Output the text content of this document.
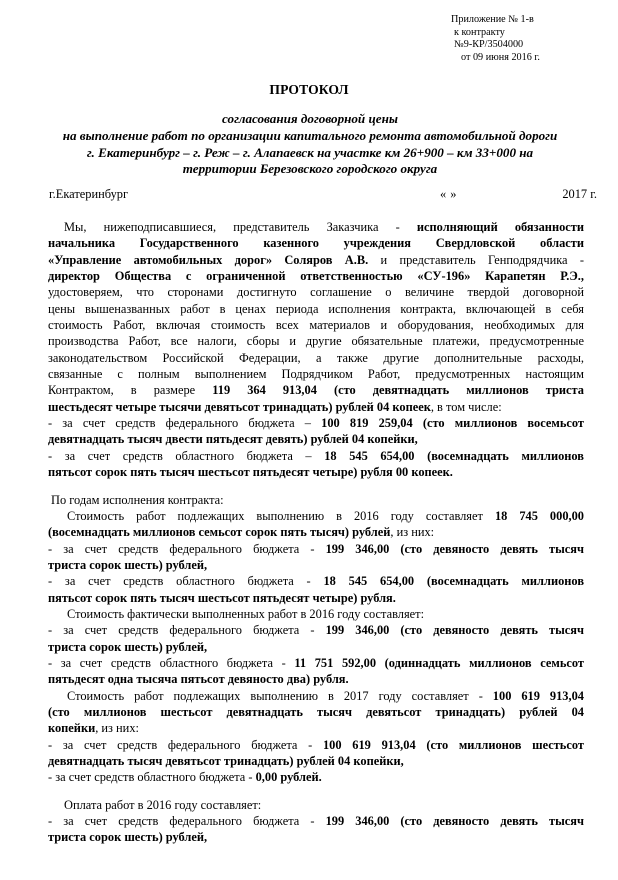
Приложение № 1-в
к контракту
№9-КР/3504000
от 09 июня 2016 г.
ПРОТОКОЛ
согласования договорной цены
на выполнение работ по организации капитального ремонта автомобильной дороги
г. Екатеринбург – г. Реж – г. Алапаевск на участке км 26+900 – км 33+000 на
территории Березовского городского округа
г.Екатеринбург	« »	2017 г.
Мы, нижеподписавшиеся, представитель Заказчика - исполняющий обязанности
начальника Государственного казенного учреждения Свердловской области
«Управление автомобильных дорог» Соляров А.В. и представитель Генподрядчика -
директор Общества с ограниченной ответственностью «СУ-196» Карапетян Р.Э.,
удостоверяем, что сторонами достигнуто соглашение о величине твердой договорной
цены вышеназванных работ в ценах периода исполнения контракта, включающей в себя
стоимость Работ, включая стоимость всех материалов и оборудования, необходимых для
производства Работ, все налоги, сборы и другие обязательные платежи, предусмотренные
законодательством Российской Федерации, а также другие дополнительные расходы,
связанные с полным выполнением Подрядчиком Работ, предусмотренных настоящим
Контрактом, в размере 119 364 913,04 (сто девятнадцать миллионов триста
шестьдесят четыре тысячи девятьсот тринадцать) рублей 04 копеек, в том числе:
- за счет средств федерального бюджета – 100 819 259,04 (сто миллионов восемьсот
девятнадцать тысяч двести пятьдесят девять) рублей 04 копейки,
- за счет средств областного бюджета – 18 545 654,00 (восемнадцать миллионов
пятьсот сорок пять тысяч шестьсот пятьдесят четыре) рубля 00 копеек.
По годам исполнения контракта:
Стоимость работ подлежащих выполнению в 2016 году составляет 18 745 000,00
(восемнадцать миллионов семьсот сорок пять тысяч) рублей, из них:
- за счет средств федерального бюджета - 199 346,00 (сто девяносто девять тысяч
триста сорок шесть) рублей,
- за счет средств областного бюджета - 18 545 654,00 (восемнадцать миллионов
пятьсот сорок пять тысяч шестьсот пятьдесят четыре) рубля.
Стоимость фактически выполненных работ в 2016 году составляет:
- за счет средств федерального бюджета - 199 346,00 (сто девяносто девять тысяч
триста сорок шесть) рублей,
- за счет средств областного бюджета - 11 751 592,00 (одиннадцать миллионов семьсот
пятьдесят одна тысяча пятьсот девяносто два) рубля.
Стоимость работ подлежащих выполнению в 2017 году составляет - 100 619 913,04
(сто миллионов шестьсот девятнадцать тысяч девятьсот тринадцать) рублей 04
копейки, из них:
- за счет средств федерального бюджета - 100 619 913,04 (сто миллионов шестьсот
девятнадцать тысяч девятьсот тринадцать) рублей 04 копейки,
- за счет средств областного бюджета - 0,00 рублей.
Оплата работ в 2016 году составляет:
- за счет средств федерального бюджета - 199 346,00 (сто девяносто девять тысяч
триста сорок шесть) рублей,
